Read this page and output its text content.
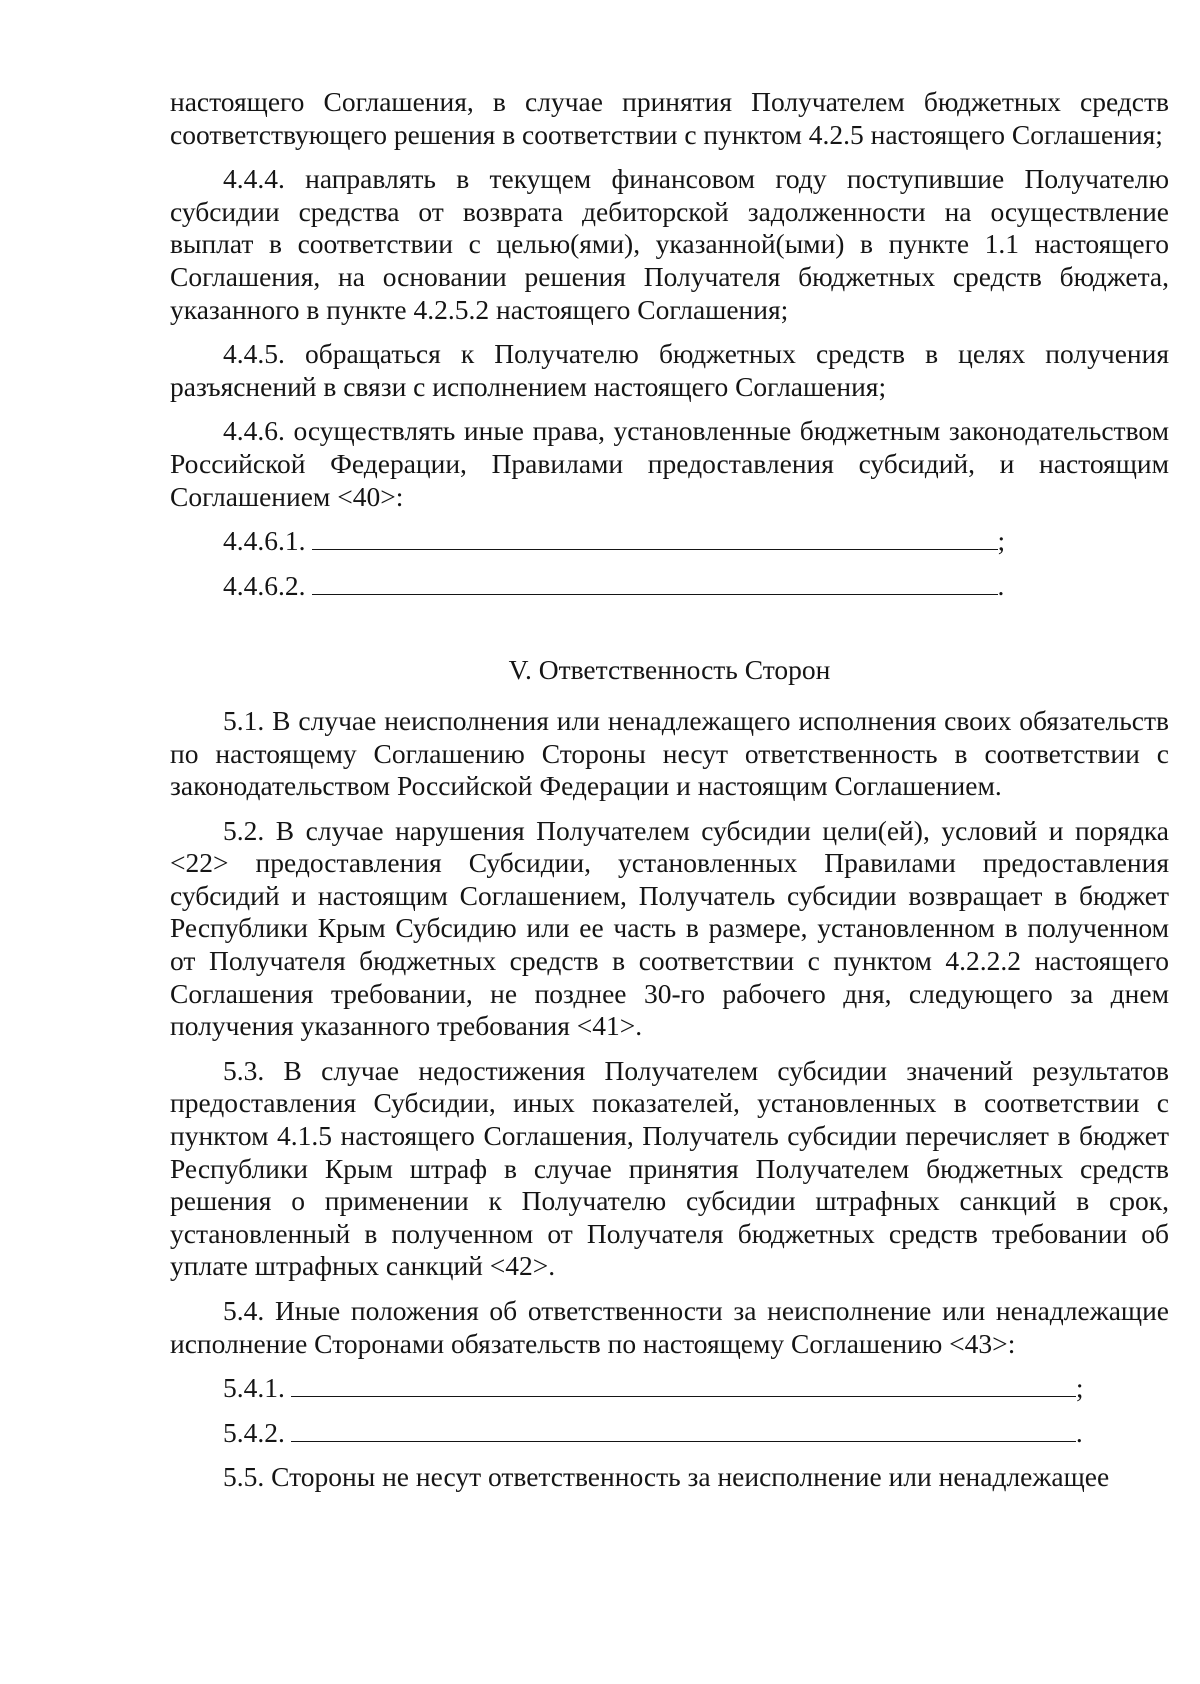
настоящего Соглашения, в случае принятия Получателем бюджетных средств соответствующего решения в соответствии с пунктом 4.2.5 настоящего Соглашения;

4.4.4. направлять в текущем финансовом году поступившие Получателю субсидии средства от возврата дебиторской задолженности на осуществление выплат в соответствии с целью(ями), указанной(ыми) в пункте 1.1 настоящего Соглашения, на основании решения Получателя бюджетных средств бюджета, указанного в пункте 4.2.5.2 настоящего Соглашения;

4.4.5. обращаться к Получателю бюджетных средств в целях получения разъяснений в связи с исполнением настоящего Соглашения;

4.4.6. осуществлять иные права, установленные бюджетным законодательством Российской Федерации, Правилами предоставления субсидий, и настоящим Соглашением <40>:

4.4.6.1.	;
4.4.6.2.	.
V. Ответственность Сторон

5.1. В случае неисполнения или ненадлежащего исполнения своих обязательств по настоящему Соглашению Стороны несут ответственность в соответствии с законодательством Российской Федерации и настоящим Соглашением.

5.2. В случае нарушения Получателем субсидии цели(ей), условий и порядка <22> предоставления Субсидии, установленных Правилами предоставления субсидий и настоящим Соглашением, Получатель субсидии возвращает в бюджет Республики Крым Субсидию или ее часть в размере, установленном в полученном от Получателя бюджетных средств в соответствии с пунктом 4.2.2.2 настоящего Соглашения требовании, не позднее 30-го рабочего дня, следующего за днем получения указанного требования <41>.

5.3. В случае недостижения Получателем субсидии значений результатов предоставления Субсидии, иных показателей, установленных в соответствии с пунктом 4.1.5 настоящего Соглашения, Получатель субсидии перечисляет в бюджет Республики Крым штраф в случае принятия Получателем бюджетных средств решения о применении к Получателю субсидии штрафных санкций в срок, установленный в полученном от Получателя бюджетных средств требовании об уплате штрафных санкций <42>.

5.4. Иные положения об ответственности за неисполнение или ненадлежащие исполнение Сторонами обязательств по настоящему Соглашению <43>:

5.4.1.	;
5.4.2.	.

5.5. Стороны не несут ответственность за неисполнение или ненадлежащее
